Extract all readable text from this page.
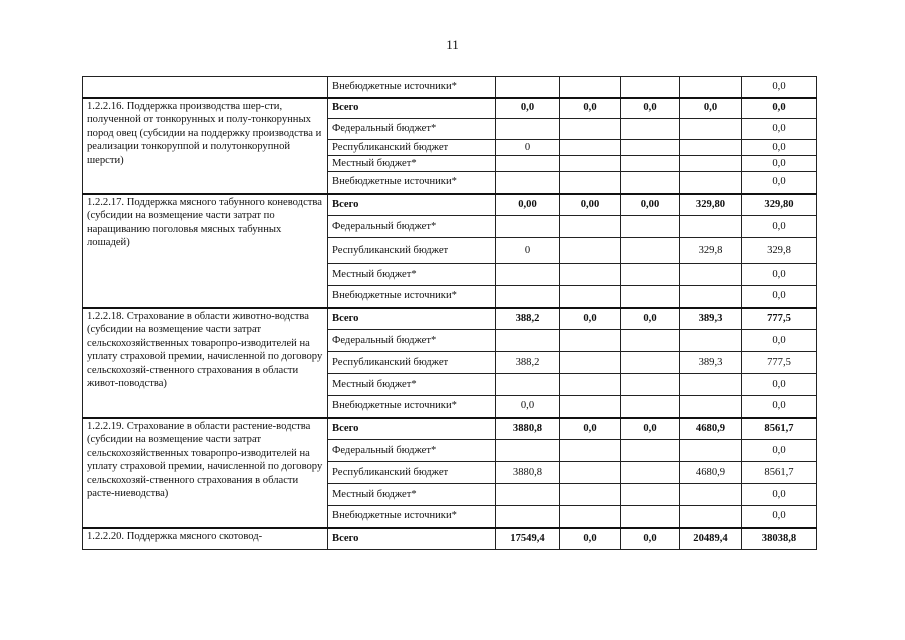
11
	Внебюджетные источники*					0,0
1.2.2.16. Поддержка производства шер-сти, полученной от тонкорунных и полу-тонкорунных пород овец (субсидии на поддержку производства и реализации тонкоруппой и полутонкорупной шерсти)	Всего	0,0	0,0	0,0	0,0	0,0
	Федеральный бюджет*					0,0
	Республиканский бюджет	0				0,0
	Местный бюджет*					0,0
	Внебюджетные источники*					0,0
1.2.2.17. Поддержка мясного табунного коневодства (субсидии на возмещение части затрат по наращиванию поголовья мясных табунных лошадей)	Всего	0,00	0,00	0,00	329,80	329,80
	Федеральный бюджет*					0,0
	Республиканский бюджет	0			329,8	329,8
	Местный бюджет*					0,0
	Внебюджетные источники*					0,0
1.2.2.18. Страхование в области животно-водства (субсидии на возмещение части затрат сельскохозяйственных товаропро-изводителей на уплату страховой премии, начисленной по договору сельскохозяй-ственного страхования в области живот-поводства)	Всего	388,2	0,0	0,0	389,3	777,5
	Федеральный бюджет*					0,0
	Республиканский бюджет	388,2			389,3	777,5
	Местный бюджет*					0,0
	Внебюджетные источники*	0,0				0,0
1.2.2.19. Страхование в области растение-водства (субсидии на возмещение части затрат сельскохозяйственных товаропро-изводителей на уплату страховой премии, начисленной по договору сельскохозяй-ственного страхования в области расте-ниеводства)	Всего	3880,8	0,0	0,0	4680,9	8561,7
	Федеральный бюджет*					0,0
	Республиканский бюджет	3880,8			4680,9	8561,7
	Местный бюджет*					0,0
	Внебюджетные источники*					0,0
1.2.2.20. Поддержка мясного скотовод-	Всего	17549,4	0,0	0,0	20489,4	38038,8
